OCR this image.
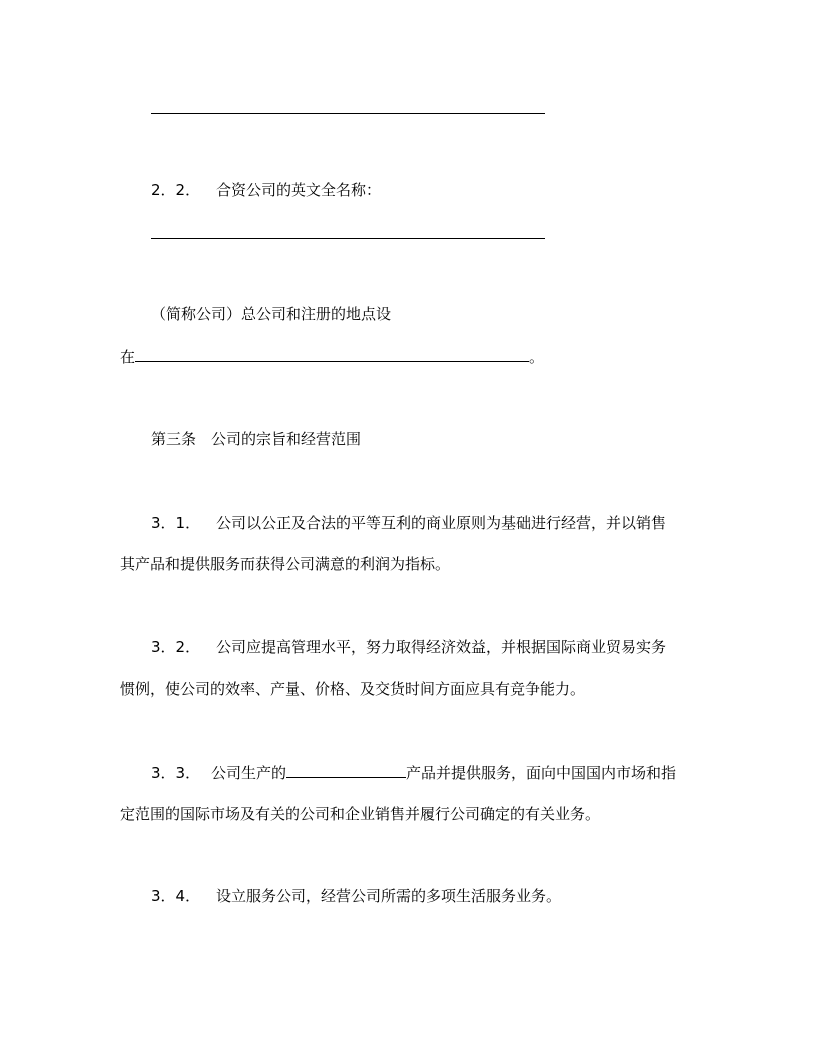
2．2． 合资公司的英文全名称：
（简称公司）总公司和注册的地点设
在	。
第三条　公司的宗旨和经营范围
3．1． 公司以公正及合法的平等互利的商业原则为基础进行经营，并以销售
其产品和提供服务而获得公司满意的利润为指标。
3．2． 公司应提高管理水平，努力取得经济效益，并根据国际商业贸易实务
惯例，使公司的效率、产量、价格、及交货时间方面应具有竞争能力。
3．3． 公司生产的	产品并提供服务，面向中国国内市场和指
定范围的国际市场及有关的公司和企业销售并履行公司确定的有关业务。
3．4． 设立服务公司，经营公司所需的多项生活服务业务。
